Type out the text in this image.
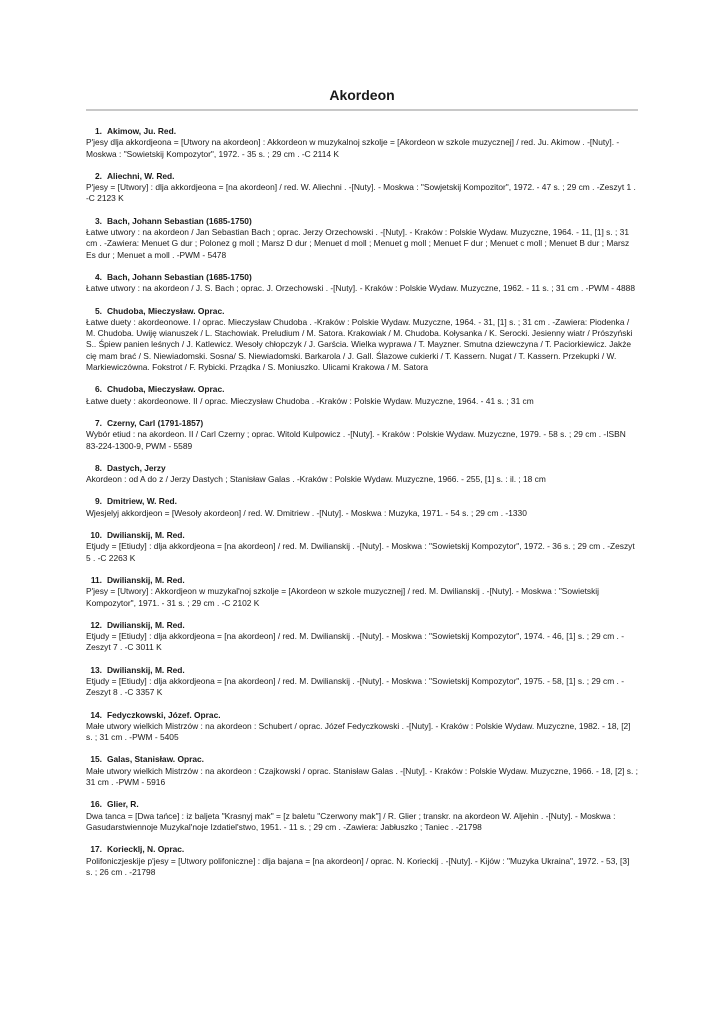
Akordeon
1. Akimow, Ju. Red.

P'jesy dlja akkordjeona = [Utwory na akordeon] : Akkordeon w muzykalnoj szkolje = [Akordeon w szkole muzycznej] / red. Ju. Akimow . -[Nuty]. - Moskwa : "Sowietskij Kompozytor", 1972. - 35 s. ; 29 cm . -C 2114 K

2. Aliechni, W. Red.

P'jesy = [Utwory] : dlja akkordjeona = [na akordeon] / red. W. Aliechni . -[Nuty]. - Moskwa : "Sowjetskij Kompozitor", 1972. - 47 s. ; 29 cm . -Zeszyt 1 . -C 2123 K

3. Bach, Johann Sebastian (1685-1750)

Łatwe utwory : na akordeon / Jan Sebastian Bach ; oprac. Jerzy Orzechowski . -[Nuty]. - Kraków : Polskie Wydaw. Muzyczne, 1964. - 11, [1] s. ; 31 cm . -Zawiera: Menuet G dur ; Polonez g moll ; Marsz D dur ; Menuet d moll ; Menuet g moll ; Menuet F dur ; Menuet c moll ; Menuet B dur ; Marsz Es dur ; Menuet a moll . -PWM - 5478

4. Bach, Johann Sebastian (1685-1750)

Łatwe utwory : na akordeon / J. S. Bach ; oprac. J. Orzechowski . -[Nuty]. - Kraków : Polskie Wydaw. Muzyczne, 1962. - 11 s. ; 31 cm . -PWM - 4888

5. Chudoba, Mieczysław. Oprac.

Łatwe duety : akordeonowe. I / oprac. Mieczysław Chudoba . -Kraków : Polskie Wydaw. Muzyczne, 1964. - 31, [1] s. ; 31 cm . -Zawiera: Piodenka / M. Chudoba. Uwiję wianuszek / L. Stachowiak. Preludium / M. Satora. Krakowiak / M. Chudoba. Kołysanka / K. Serocki. Jesienny wiatr / Prószyński S.. Śpiew panien leśnych / J. Katlewicz. Wesoły chłopczyk / J. Garścia. Wielka wyprawa / T. Mayzner. Smutna dziewczyna / T. Paciorkiewicz. Jakże cię mam brać / S. Niewiadomski. Sosna/ S. Niewiadomski. Barkarola / J. Gall. Ślazowe cukierki / T. Kassern. Nugat / T. Kassern. Przekupki / W. Markiewiczówna. Fokstrot / F. Rybicki. Prządka / S. Moniuszko. Ulicami Krakowa / M. Satora

6. Chudoba, Mieczysław. Oprac.

Łatwe duety : akordeonowe. II / oprac. Mieczysław Chudoba . -Kraków : Polskie Wydaw. Muzyczne, 1964. - 41 s. ; 31 cm

7. Czerny, Carl (1791-1857)

Wybór etiud : na akordeon. II / Carl Czerny ; oprac. Witold Kulpowicz . -[Nuty]. - Kraków : Polskie Wydaw. Muzyczne, 1979. - 58 s. ; 29 cm . -ISBN 83-224-1300-9, PWM - 5589

8. Dastych, Jerzy

Akordeon : od A do z / Jerzy Dastych ; Stanisław Galas . -Kraków : Polskie Wydaw. Muzyczne, 1966. - 255, [1] s. : il. ; 18 cm

9. Dmitriew, W. Red.

Wjesjelyj akkordjeon = [Wesoły akordeon] / red. W. Dmitriew . -[Nuty]. - Moskwa : Muzyka, 1971. - 54 s. ; 29 cm . -1330

10. Dwilianskij, M. Red.

Etjudy = [Etiudy] : dlja akkordjeona = [na akordeon] / red. M. Dwilianskij . -[Nuty]. - Moskwa : "Sowietskij Kompozytor", 1972. - 36 s. ; 29 cm . -Zeszyt 5 . -C 2263 K

11. Dwilianskij, M. Red.

P'jesy = [Utwory] : Akkordjeon w muzykal'noj szkolje = [Akordeon w szkole muzycznej] / red. M. Dwilianskij . -[Nuty]. - Moskwa : "Sowietskij Kompozytor", 1971. - 31 s. ; 29 cm . -C 2102 K

12. Dwilianskij, M. Red.

Etjudy = [Etiudy] : dlja akkordjeona = [na akordeon] / red. M. Dwilianskij . -[Nuty]. - Moskwa : "Sowietskij Kompozytor", 1974. - 46, [1] s. ; 29 cm . -Zeszyt 7 . -C 3011 K

13. Dwilianskij, M. Red.

Etjudy = [Etiudy] : dlja akkordjeona = [na akordeon] / red. M. Dwilianskij . -[Nuty]. - Moskwa : "Sowietskij Kompozytor", 1975. - 58, [1] s. ; 29 cm . -Zeszyt 8 . -C 3357 K

14. Fedyczkowski, Józef. Oprac.

Małe utwory wielkich Mistrzów : na akordeon : Schubert / oprac. Józef Fedyczkowski . -[Nuty]. - Kraków : Polskie Wydaw. Muzyczne, 1982. - 18, [2] s. ; 31 cm . -PWM - 5405

15. Galas, Stanisław. Oprac.

Małe utwory wielkich Mistrzów : na akordeon : Czajkowski / oprac. Stanisław Galas . -[Nuty]. - Kraków : Polskie Wydaw. Muzyczne, 1966. - 18, [2] s. ; 31 cm . -PWM - 5916

16. Glier, R.

Dwa tanca = [Dwa tańce] : iz baljeta "Krasnyj mak" = [z baletu "Czerwony mak"] / R. Glier ; transkr. na akordeon W. Aljehin . -[Nuty]. - Moskwa : Gasudarstwiennoje Muzykal'noje Izdatiel'stwo, 1951. - 11 s. ; 29 cm . -Zawiera: Jabłuszko ; Taniec . -21798

17. Koriecklj, N. Oprac.

Polifoniczjeskije p'jesy = [Utwory polifoniczne] : dlja bajana = [na akordeon] / oprac. N. Korieckij . -[Nuty]. - Kijów : "Muzyka Ukraina", 1972. - 53, [3] s. ; 26 cm . -21798
